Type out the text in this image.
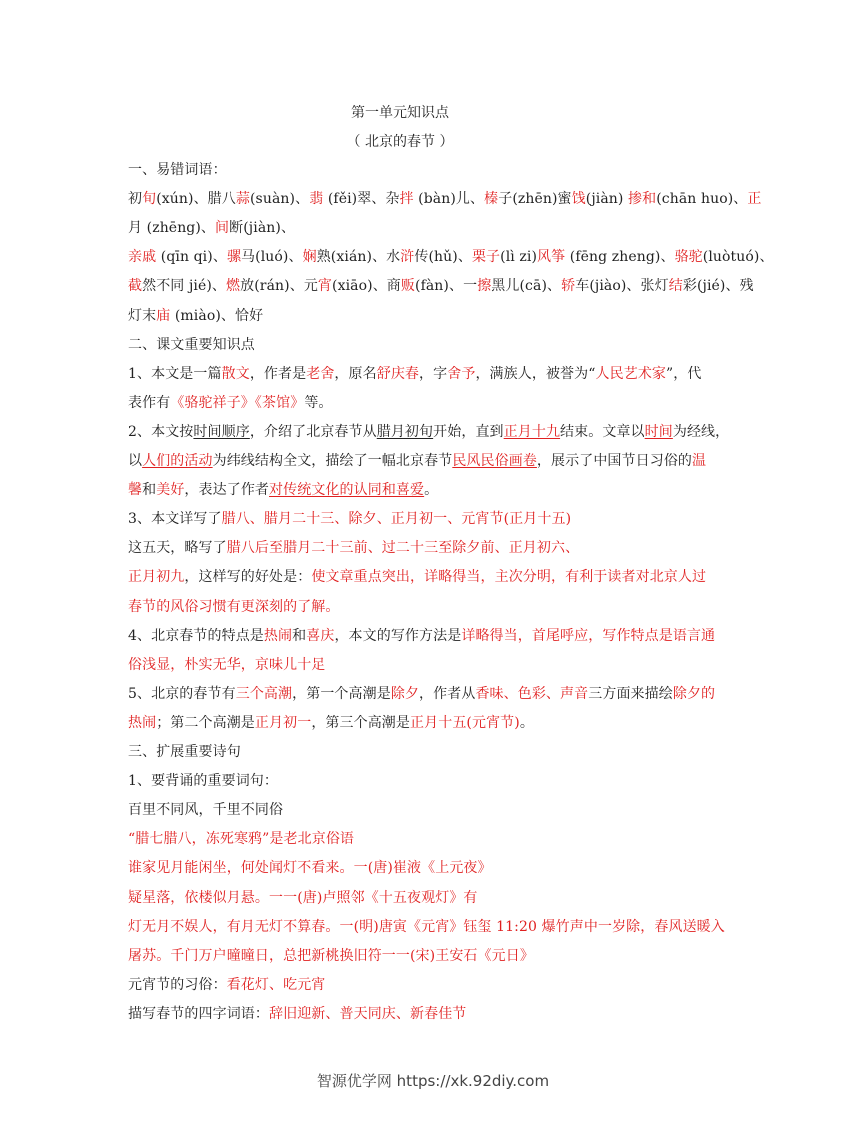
第一单元知识点
（ 北京的春节 ）
一、易错词语：
初旬(xún)、腊八蒜(suàn)、翡 (fěi)翠、杂拌 (bàn)儿、榛子(zhēn)蜜饯(jiàn) 掺和(chān huo)、正
月 (zhēng)、间断(jiàn)、
亲戚 (qīn qi)、骡马(luó)、娴熟(xián)、水浒传(hǔ)、栗子(lì zi)风筝 (fēng zheng)、骆驼(luòtuó)、
截然不同 jié)、燃放(rán)、元宵(xiāo)、商贩(fàn)、一擦黑儿(cā)、轿车(jiào)、张灯结彩(jié)、残
灯末庙 (miào)、恰好
二、课文重要知识点
1、本文是一篇散文，作者是老舍，原名舒庆春，字舍予，满族人，被誉为“人民艺术家”，代
表作有《骆驼祥子》《茶馆》等。
2、本文按时间顺序，介绍了北京春节从腊月初旬开始，直到正月十九结束。文章以时间为经线，
以人们的活动为纬线结构全文，描绘了一幅北京春节民风民俗画卷，展示了中国节日习俗的温
馨和美好，表达了作者对传统文化的认同和喜爱。
3、本文详写了腊八、腊月二十三、除夕、正月初一、元宵节(正月十五)
这五天，略写了腊八后至腊月二十三前、过二十三至除夕前、正月初六、
正月初九，这样写的好处是：使文章重点突出，详略得当，主次分明，有利于读者对北京人过
春节的风俗习惯有更深刻的了解。
4、北京春节的特点是热闹和喜庆，本文的写作方法是详略得当，首尾呼应，写作特点是语言通
俗浅显，朴实无华，京味儿十足
5、北京的春节有三个高潮，第一个高潮是除夕，作者从香味、色彩、声音三方面来描绘除夕的
热闹；第二个高潮是正月初一，第三个高潮是正月十五(元宵节)。
三、扩展重要诗句
1、要背诵的重要词句：
百里不同风，千里不同俗
“腊七腊八，冻死寒鸦”是老北京俗语
谁家见月能闲坐，何处闻灯不看来。一(唐)崔液《上元夜》
疑星落，依楼似月悬。一一(唐)卢照邻《十五夜观灯》有
灯无月不娱人，有月无灯不算春。一(明)唐寅《元宵》钰玺 11:20 爆竹声中一岁除，春风送暖入
屠苏。千门万户曈曈日，总把新桃换旧符一一(宋)王安石《元日》
元宵节的习俗：看花灯、吃元宵
描写春节的四字词语：辞旧迎新、普天同庆、新春佳节
智源优学网 https://xk.92diy.com
